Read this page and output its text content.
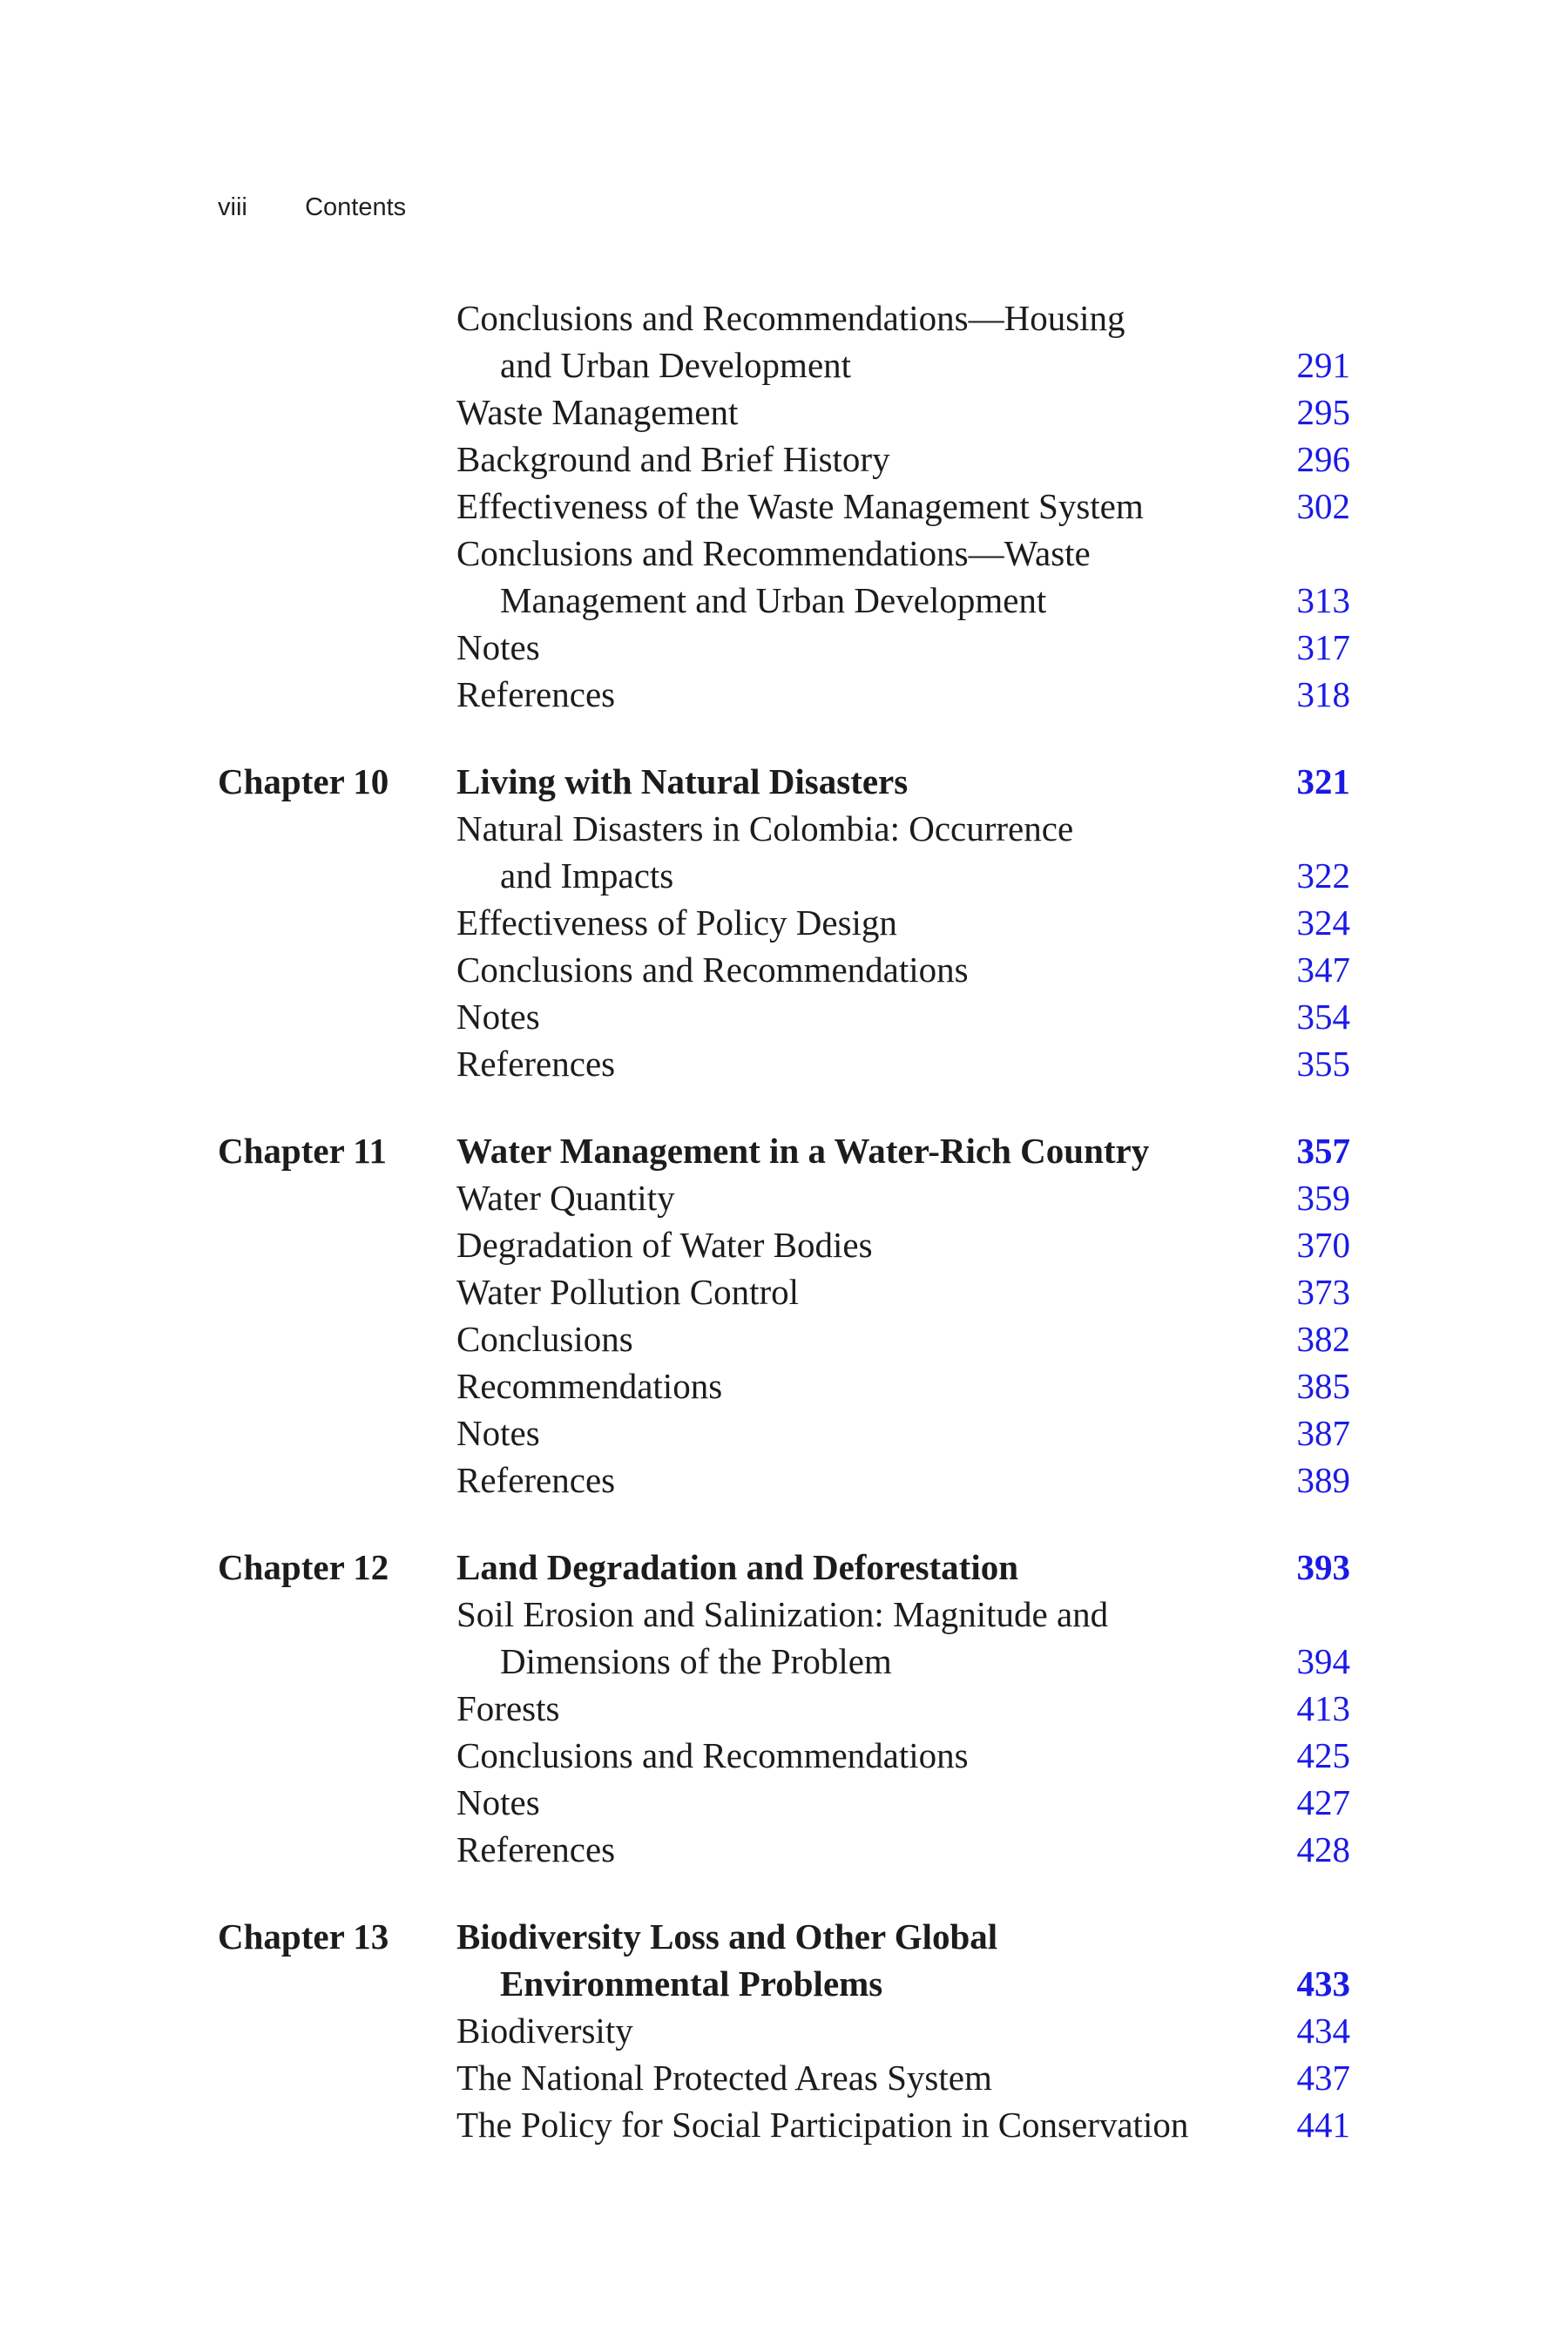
viii Contents
Conclusions and Recommendations—Housing
and Urban Development	291
Waste Management	295
Background and Brief History	296
Effectiveness of the Waste Management System	302
Conclusions and Recommendations—Waste
Management and Urban Development	313
Notes	317
References	318
Chapter 10 Living with Natural Disasters	321
Natural Disasters in Colombia: Occurrence
and Impacts	322
Effectiveness of Policy Design	324
Conclusions and Recommendations	347
Notes	354
References	355
Chapter 11 Water Management in a Water-Rich Country	357
Water Quantity	359
Degradation of Water Bodies	370
Water Pollution Control	373
Conclusions	382
Recommendations	385
Notes	387
References	389
Chapter 12 Land Degradation and Deforestation	393
Soil Erosion and Salinization: Magnitude and
Dimensions of the Problem	394
Forests	413
Conclusions and Recommendations	425
Notes	427
References	428
Chapter 13 Biodiversity Loss and Other Global
Environmental Problems	433
Biodiversity	434
The National Protected Areas System	437
The Policy for Social Participation in Conservation	441
